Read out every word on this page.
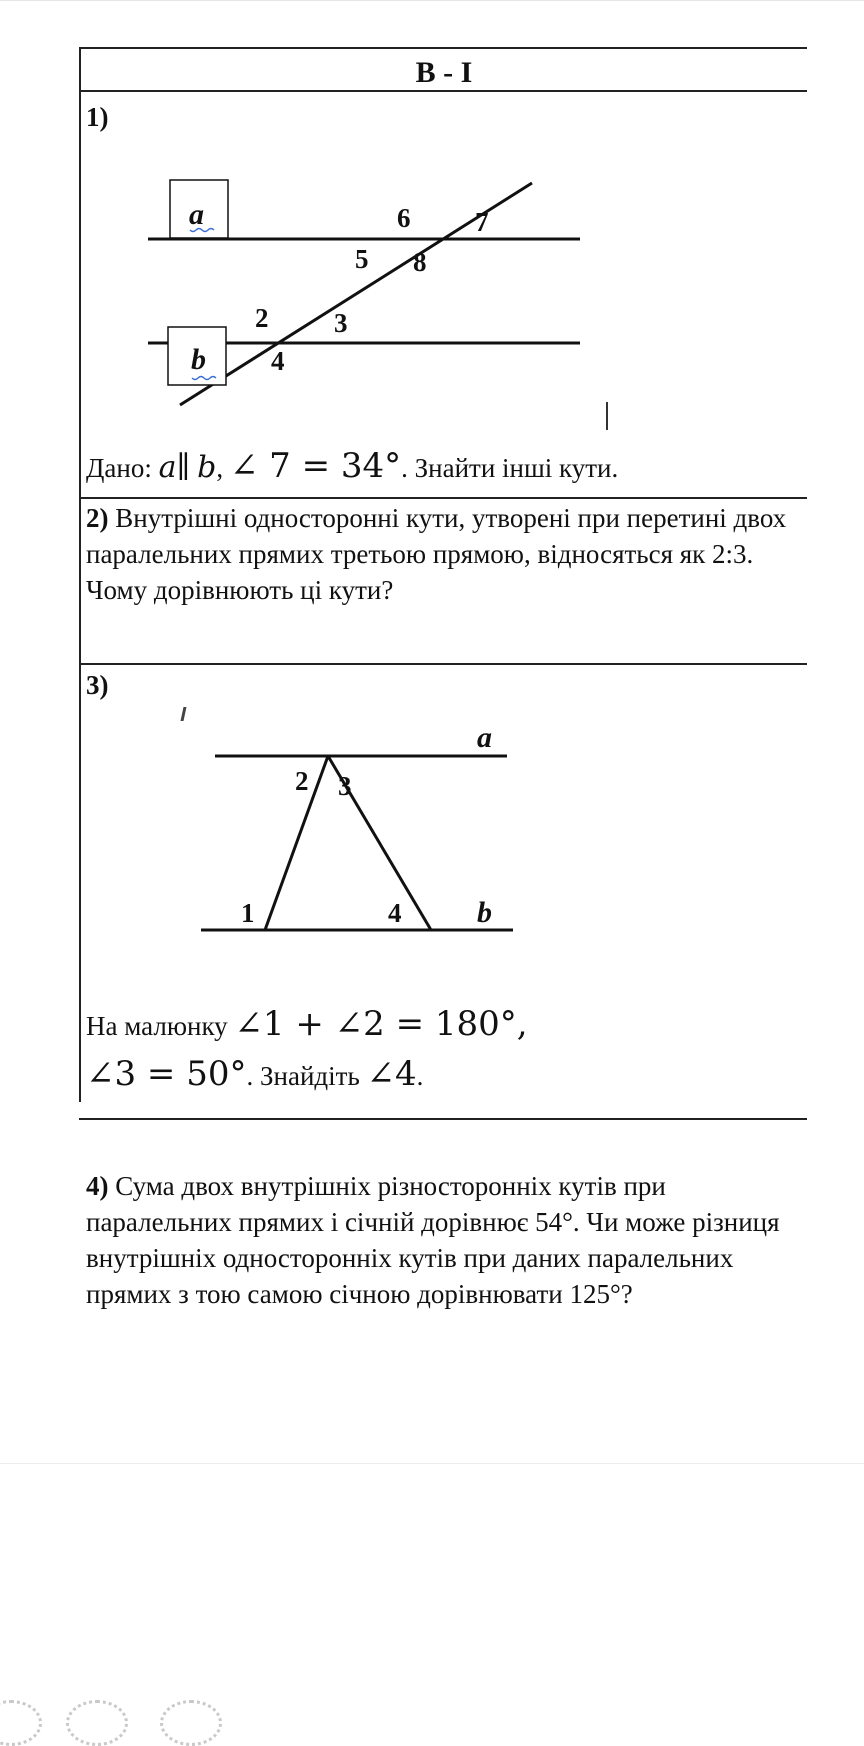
В - І
1)
a
b
2 3
4
5
6 7
8
Дано: a∥ b, ∠ 7 = 34°. Знайти інші кути.
2) Внутрішні односторонні кути, утворені при перетині двох паралельних прямих третьою прямою, відносяться як 2:3. Чому дорівнюють ці кути?
3)
a
b
1
2 3
4
На малюнку ∠1 + ∠2 = 180°,
∠3 = 50°. Знайдіть ∠4.
4) Сума двох внутрішніх різносторонніх кутів при паралельних прямих і січній дорівнює 54°. Чи може різниця внутрішніх односторонніх кутів при даних паралельних прямих з тою самою січною дорівнювати 125°?
